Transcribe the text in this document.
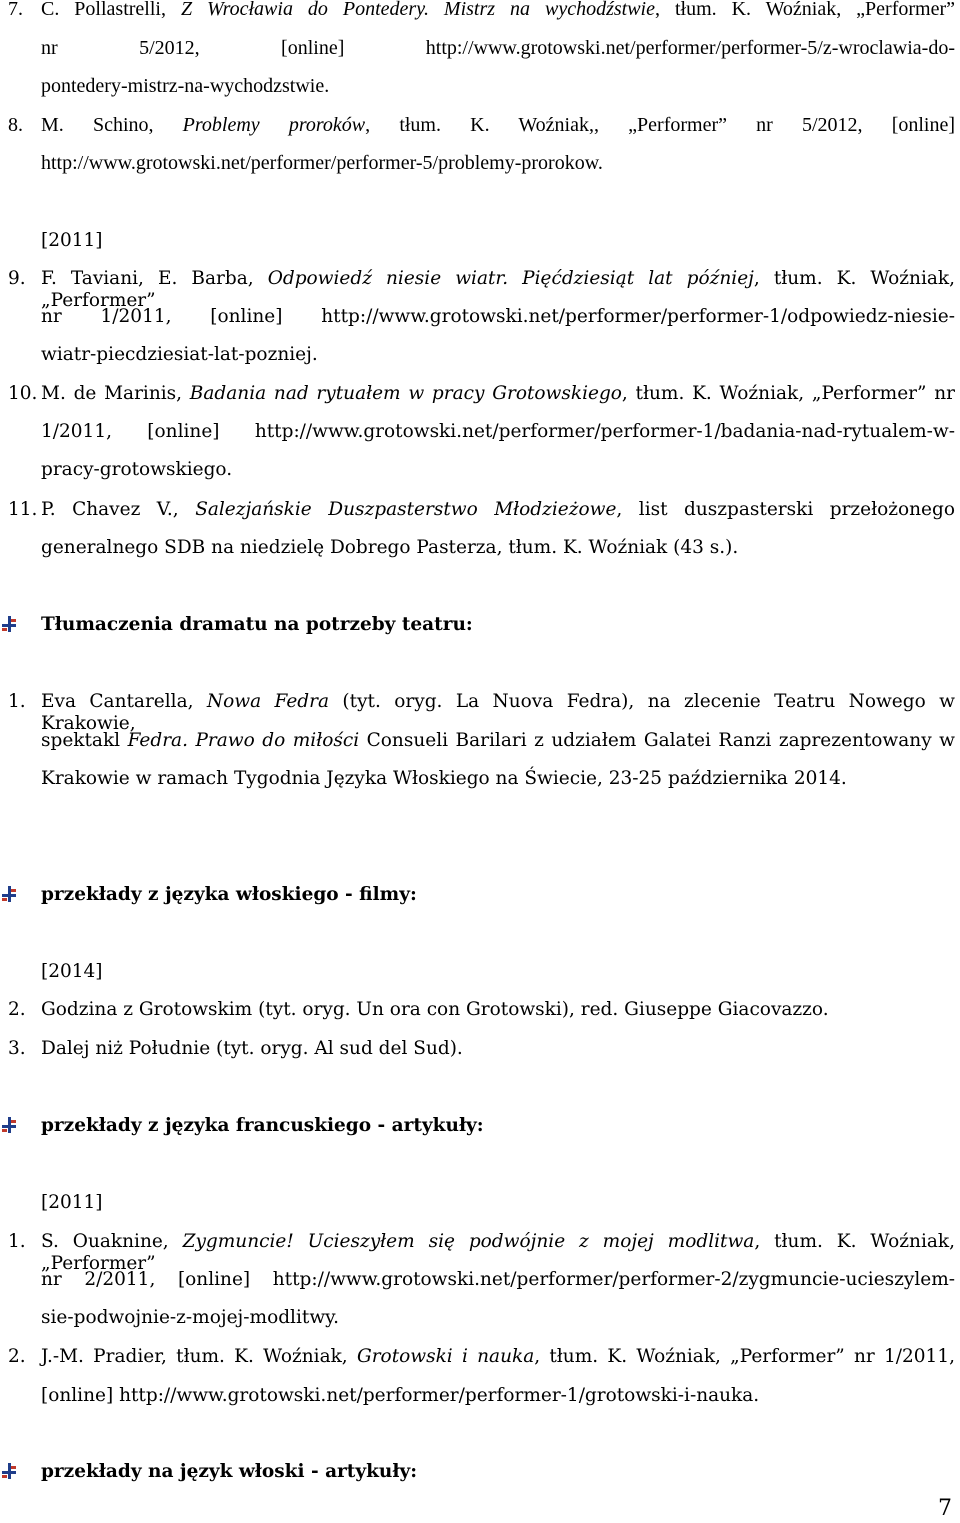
7. C. Pollastrelli, Z Wrocławia do Pontedery. Mistrz na wychodźstwie, tłum. K. Woźniak, „Performer”
nr 5/2012, [online] http://www.grotowski.net/performer/performer-5/z-wroclawia-do-
pontedery-mistrz-na-wychodzstwie.
8. M. Schino, Problemy proroków, tłum. K. Woźniak,, „Performer” nr 5/2012, [online]
http://www.grotowski.net/performer/performer-5/problemy-prorokow.
[2011]
9. F. Taviani, E. Barba, Odpowiedź niesie wiatr. Pięćdziesiąt lat później, tłum. K. Woźniak, „Performer”
nr 1/2011, [online] http://www.grotowski.net/performer/performer-1/odpowiedz-niesie-
wiatr-piecdziesiat-lat-pozniej.
10. M. de Marinis, Badania nad rytuałem w pracy Grotowskiego, tłum. K. Woźniak, „Performer” nr
1/2011, [online] http://www.grotowski.net/performer/performer-1/badania-nad-rytualem-w-
pracy-grotowskiego.
11. P. Chavez V., Salezjańskie Duszpasterstwo Młodzieżowe, list duszpasterski przełożonego
generalnego SDB na niedzielę Dobrego Pasterza, tłum. K. Woźniak (43 s.).
Tłumaczenia dramatu na potrzeby teatru:
1. Eva Cantarella, Nowa Fedra (tyt. oryg. La Nuova Fedra), na zlecenie Teatru Nowego w Krakowie,
spektakl Fedra. Prawo do miłości Consueli Barilari z udziałem Galatei Ranzi zaprezentowany w
Krakowie w ramach Tygodnia Języka Włoskiego na Świecie, 23-25 października 2014.
przekłady z języka włoskiego - filmy:
[2014]
2. Godzina z Grotowskim (tyt. oryg. Un ora con Grotowski), red. Giuseppe Giacovazzo.
3. Dalej niż Południe (tyt. oryg. Al sud del Sud).
przekłady z języka francuskiego - artykuły:
[2011]
1. S. Ouaknine, Zygmuncie! Ucieszyłem się podwójnie z mojej modlitwa, tłum. K. Woźniak, „Performer”
nr 2/2011, [online] http://www.grotowski.net/performer/performer-2/zygmuncie-ucieszylem-
sie-podwojnie-z-mojej-modlitwy.
2. J.-M. Pradier, tłum. K. Woźniak, Grotowski i nauka, tłum. K. Woźniak, „Performer” nr 1/2011,
[online] http://www.grotowski.net/performer/performer-1/grotowski-i-nauka.
przekłady na język włoski - artykuły:
7
